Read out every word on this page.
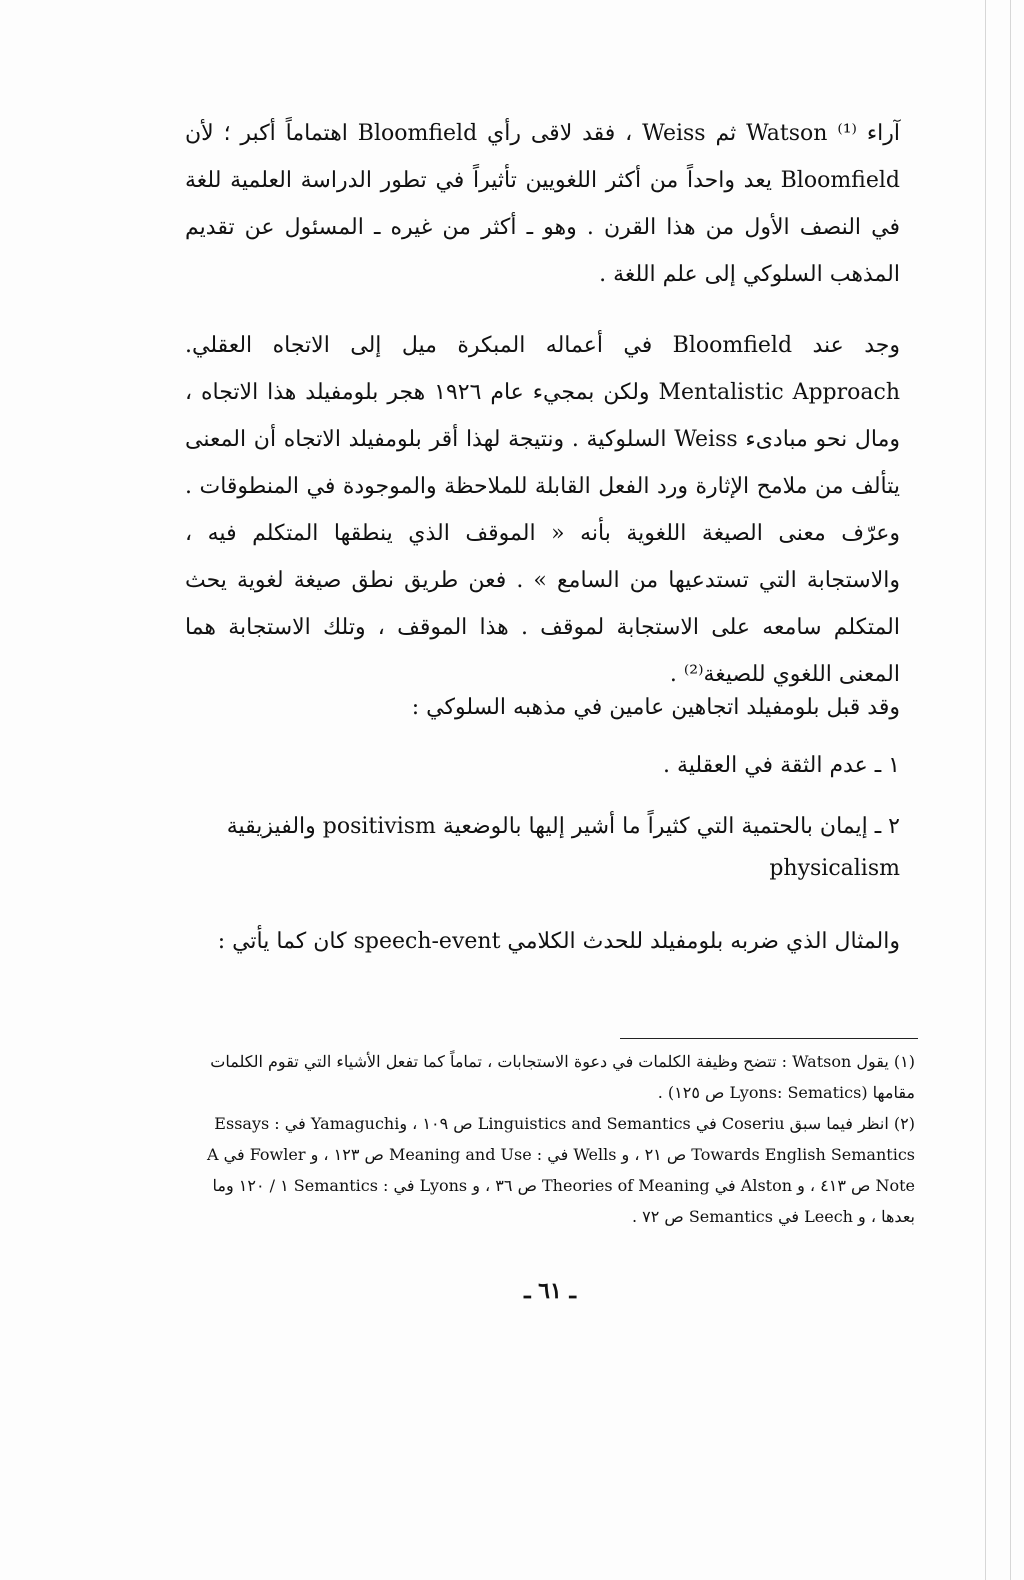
آراء Watson ⁽¹⁾ ثم Weiss ، فقد لاقى رأي Bloomfield اهتماماً أكبر ؛ لأن Bloomfield يعد واحداً من أكثر اللغويين تأثيراً في تطور الدراسة العلمية للغة في النصف الأول من هذا القرن . وهو ـ أكثر من غيره ـ المسئول عن تقديم المذهب السلوكي إلى علم اللغة .

وجد عند Bloomfield في أعماله المبكرة ميل إلى الاتجاه العقلي. Mentalistic Approach ولكن بمجيء عام ١٩٢٦ هجر بلومفيلد هذا الاتجاه ، ومال نحو مبادىء Weiss السلوكية . ونتيجة لهذا أقر بلومفيلد الاتجاه أن المعنى يتألف من ملامح الإثارة ورد الفعل القابلة للملاحظة والموجودة في المنطوقات . وعرّف معنى الصيغة اللغوية بأنه « الموقف الذي ينطقها المتكلم فيه ، والاستجابة التي تستدعيها من السامع » . فعن طريق نطق صيغة لغوية يحث المتكلم سامعه على الاستجابة لموقف . هذا الموقف ، وتلك الاستجابة هما المعنى اللغوي للصيغة⁽²⁾ .

وقد قبل بلومفيلد اتجاهين عامين في مذهبه السلوكي :

١ ـ عدم الثقة في العقلية .
٢ ـ إيمان بالحتمية التي كثيراً ما أشير إليها بالوضعية positivism والفيزيقية physicalism

والمثال الذي ضربه بلومفيلد للحدث الكلامي speech-event كان كما يأتي :

(١) يقول Watson : تتضح وظيفة الكلمات في دعوة الاستجابات ، تماماً كما تفعل الأشياء التي تقوم الكلمات مقامها (Lyons: Sematics ص ١٢٥) .

(٢) انظر فيما سبق Coseriu في Linguistics and Semantics ص ١٠٩ ، وYamaguchi في : Essays Towards English Semantics ص ٢١ ، و Wells في : Meaning and Use ص ١٢٣ ، و Fowler في A Note ص ٤١٣ ، و Alston في Theories of Meaning ص ٣٦ ، و Lyons في : Semantics ١ / ١٢٠ وما بعدها ، و Leech في Semantics ص ٧٢ .

ـ ٦١ ـ
